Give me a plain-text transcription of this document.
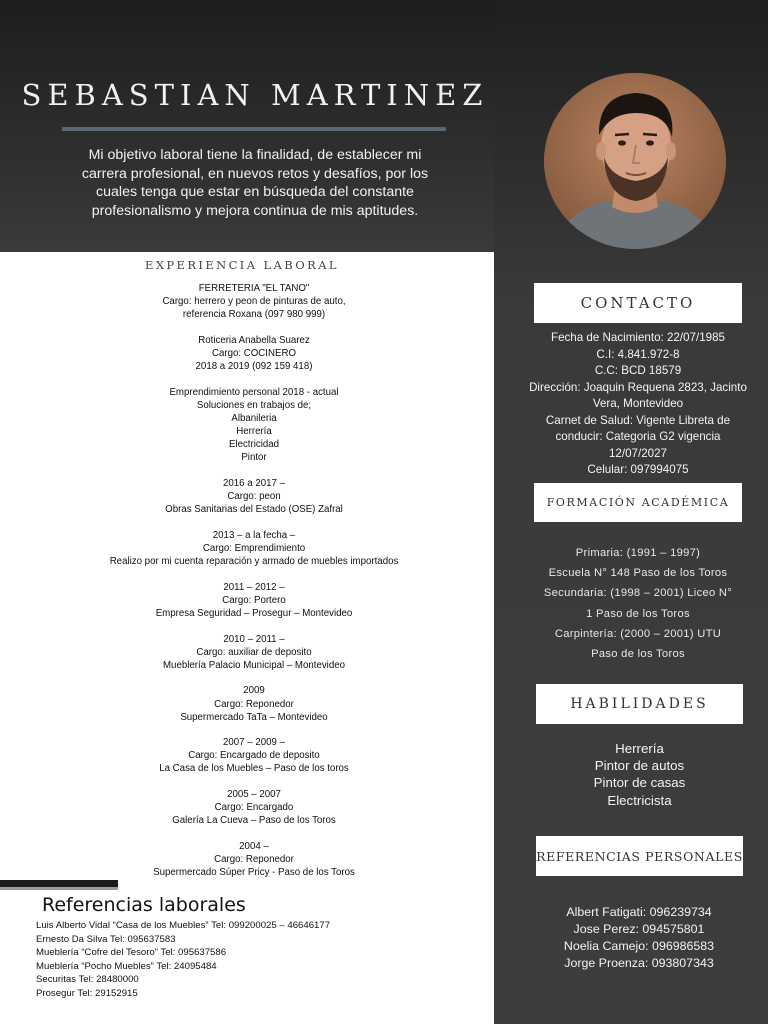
SEBASTIAN MARTINEZ
Mi objetivo laboral tiene la finalidad, de establecer mi carrera profesional, en nuevos retos y desafíos, por los cuales tenga que estar en búsqueda del constante profesionalismo y mejora continua de mis aptitudes.
CONTACTO
Fecha de Nacimiento: 22/07/1985
C.I: 4.841.972-8
C.C: BCD 18579
Dirección: Joaquin Requena 2823, Jacinto
Vera, Montevideo
Carnet de Salud: Vigente Libreta de
conducir: Categoria G2 vigencia
12/07/2027
Celular: 097994075
FORMACIÓN ACADÉMICA
Primaria: (1991 – 1997)
Escuela N° 148 Paso de los Toros
Secundaria: (1998 – 2001) Liceo N°
1 Paso de los Toros
Carpintería: (2000 – 2001) UTU
Paso de los Toros
HABILIDADES
Herrería
Pintor de autos
Pintor de casas
Electricista
REFERENCIAS PERSONALES
Albert Fatigati: 096239734
Jose Perez: 094575801
Noelia Camejo: 096986583
Jorge Proenza: 093807343
EXPERIENCIA LABORAL
FERRETERIA "EL TANO"
Cargo: herrero y peon de pinturas de auto,
referencia Roxana (097 980 999)
Roticeria Anabella Suarez
Cargo: COCINERO
2018 a 2019 (092 159 418)
Emprendimiento personal 2018 - actual
Soluciones en trabajos de;
Albanileria
Herrería
Electricidad
Pintor
2016 a 2017 –
Cargo: peon
Obras Sanitarias del Estado (OSE) Zafral
2013 – a la fecha –
Cargo: Emprendimiento
Realizo por mi cuenta reparación y armado de muebles importados
2011 – 2012 –
Cargo: Portero
Empresa Seguridad – Prosegur – Montevideo
2010 – 2011 –
Cargo: auxiliar de deposito
Mueblería Palacio Municipal – Montevideo
2009
Cargo: Reponedor
Supermercado TaTa – Montevideo
2007 – 2009 –
Cargo: Encargado de deposito
La Casa de los Muebles – Paso de los toros
2005 – 2007
Cargo: Encargado
Galería La Cueva – Paso de los Toros
2004 –
Cargo: Reponedor
Supermercado Súper Pricy - Paso de los Toros
Referencias laborales
Luis Alberto Vidal “Casa de los Muebles” Tel: 099200025 – 46646177
Ernesto Da Silva Tel: 095637583
Mueblería “Cofre del Tesoro” Tel: 095637586
Mueblería “Pocho Muebles” Tel: 24095484
Securitas Tel: 28480000
Prosegur Tel: 29152915
